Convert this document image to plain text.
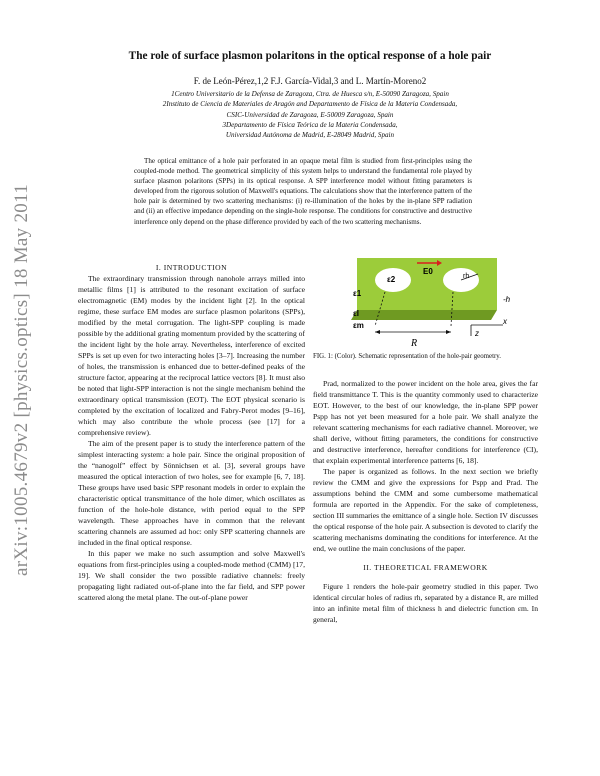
arXiv:1005.4679v2 [physics.optics] 18 May 2011
The role of surface plasmon polaritons in the optical response of a hole pair
F. de León-Pérez,1,2 F.J. García-Vidal,3 and L. Martín-Moreno2
1Centro Universitario de la Defensa de Zaragoza, Ctra. de Huesca s/n, E-50090 Zaragoza, Spain
2Instituto de Ciencia de Materiales de Aragón and Departamento de Física de la Materia Condensada,
CSIC-Universidad de Zaragoza, E-50009 Zaragoza, Spain
3Departamento de Física Teórica de la Materia Condensada,
Universidad Autónoma de Madrid, E-28049 Madrid, Spain
The optical emittance of a hole pair perforated in an opaque metal film is studied from first-principles using the coupled-mode method. The geometrical simplicity of this system helps to understand the fundamental role played by surface plasmon polaritons (SPPs) in its optical response. A SPP interference model without fitting parameters is developed from the rigorous solution of Maxwell's equations. The calculations show that the interference pattern of the hole pair is determined by two scattering mechanisms: (i) re-illumination of the holes by the in-plane SPP radiation and (ii) an effective impedance depending on the single-hole response. The conditions for constructive and destructive interference only depend on the phase difference provided by each of the two scattering mechanisms.

I. INTRODUCTION

The extraordinary transmission through nanohole arrays milled into metallic films [1] is attributed to the resonant excitation of surface electromagnetic (EM) modes by the incident light [2]. In the optical regime, these surface EM modes are surface plasmon polaritons (SPPs), modified by the metal corrugation. The light-SPP coupling is made possible by the additional grating momentum provided by the scattering of the incident light by the hole array. Nevertheless, interference of excited SPPs is set up even for two interacting holes [3–7]. Increasing the number of holes, the transmission is enhanced due to better-defined peaks of the structure factor, appearing at the reciprocal lattice vectors [8]. It must also be noted that light-SPP interaction is not the single mechanism behind the extraordinary optical transmission (EOT). The EOT physical scenario is completed by the excitation of localized and Fabry-Perot modes [9–16], which may also contribute the whole process (see [17] for a comprehensive review).

The aim of the present paper is to study the interference pattern of the simplest interacting system: a hole pair. Since the original proposition of the “nanogolf” effect by Sönnichsen et al. [3], several groups have measured the optical interaction of two holes, see for example [6, 7, 18]. These groups have used basic SPP resonant models in order to explain the characteristic optical transmittance of the hole dimer, which oscillates as function of the hole-hole distance, with period equal to the SPP wavelength. These approaches have in common that the relevant scattering channels are assumed ad hoc: only SPP scattering channels are included in the final optical response.

In this paper we make no such assumption and solve Maxwell's equations from first-principles using a coupled-mode method (CMM) [17, 19]. We shall consider the two possible radiative channels: freely propagating light radiated out-of-plane into the far field, and SPP power scattered along the metal plane. The out-of-plane power

E0
ε2	rh
ε1
εI
εm
-h
x
z
R
FIG. 1: (Color). Schematic representation of the hole-pair geometry.

Prad, normalized to the power incident on the hole area, gives the far field transmittance T. This is the quantity commonly used to characterize EOT. However, to the best of our knowledge, the in-plane SPP power Pspp has not yet been measured for a hole pair. We shall analyze the relevant scattering mechanisms for each radiative channel. Moreover, we shall derive, without fitting parameters, the conditions for constructive and destructive interference, hereafter conditions for interference (CI), that explain experimental interference patterns [6, 18].

The paper is organized as follows. In the next section we briefly review the CMM and give the expressions for Pspp and Prad. The assumptions behind the CMM and some cumbersome mathematical formula are reported in the Appendix. For the sake of completeness, section III summaries the emittance of a single hole. Section IV discusses the optical response of the hole pair. A subsection is devoted to clarify the scattering mechanisms dominating the conditions for interference. At the end, we outline the main conclusions of the paper.

II. THEORETICAL FRAMEWORK

Figure 1 renders the hole-pair geometry studied in this paper. Two identical circular holes of radius rh, separated by a distance R, are milled into an infinite metal film of thickness h and dielectric function εm. In general,
